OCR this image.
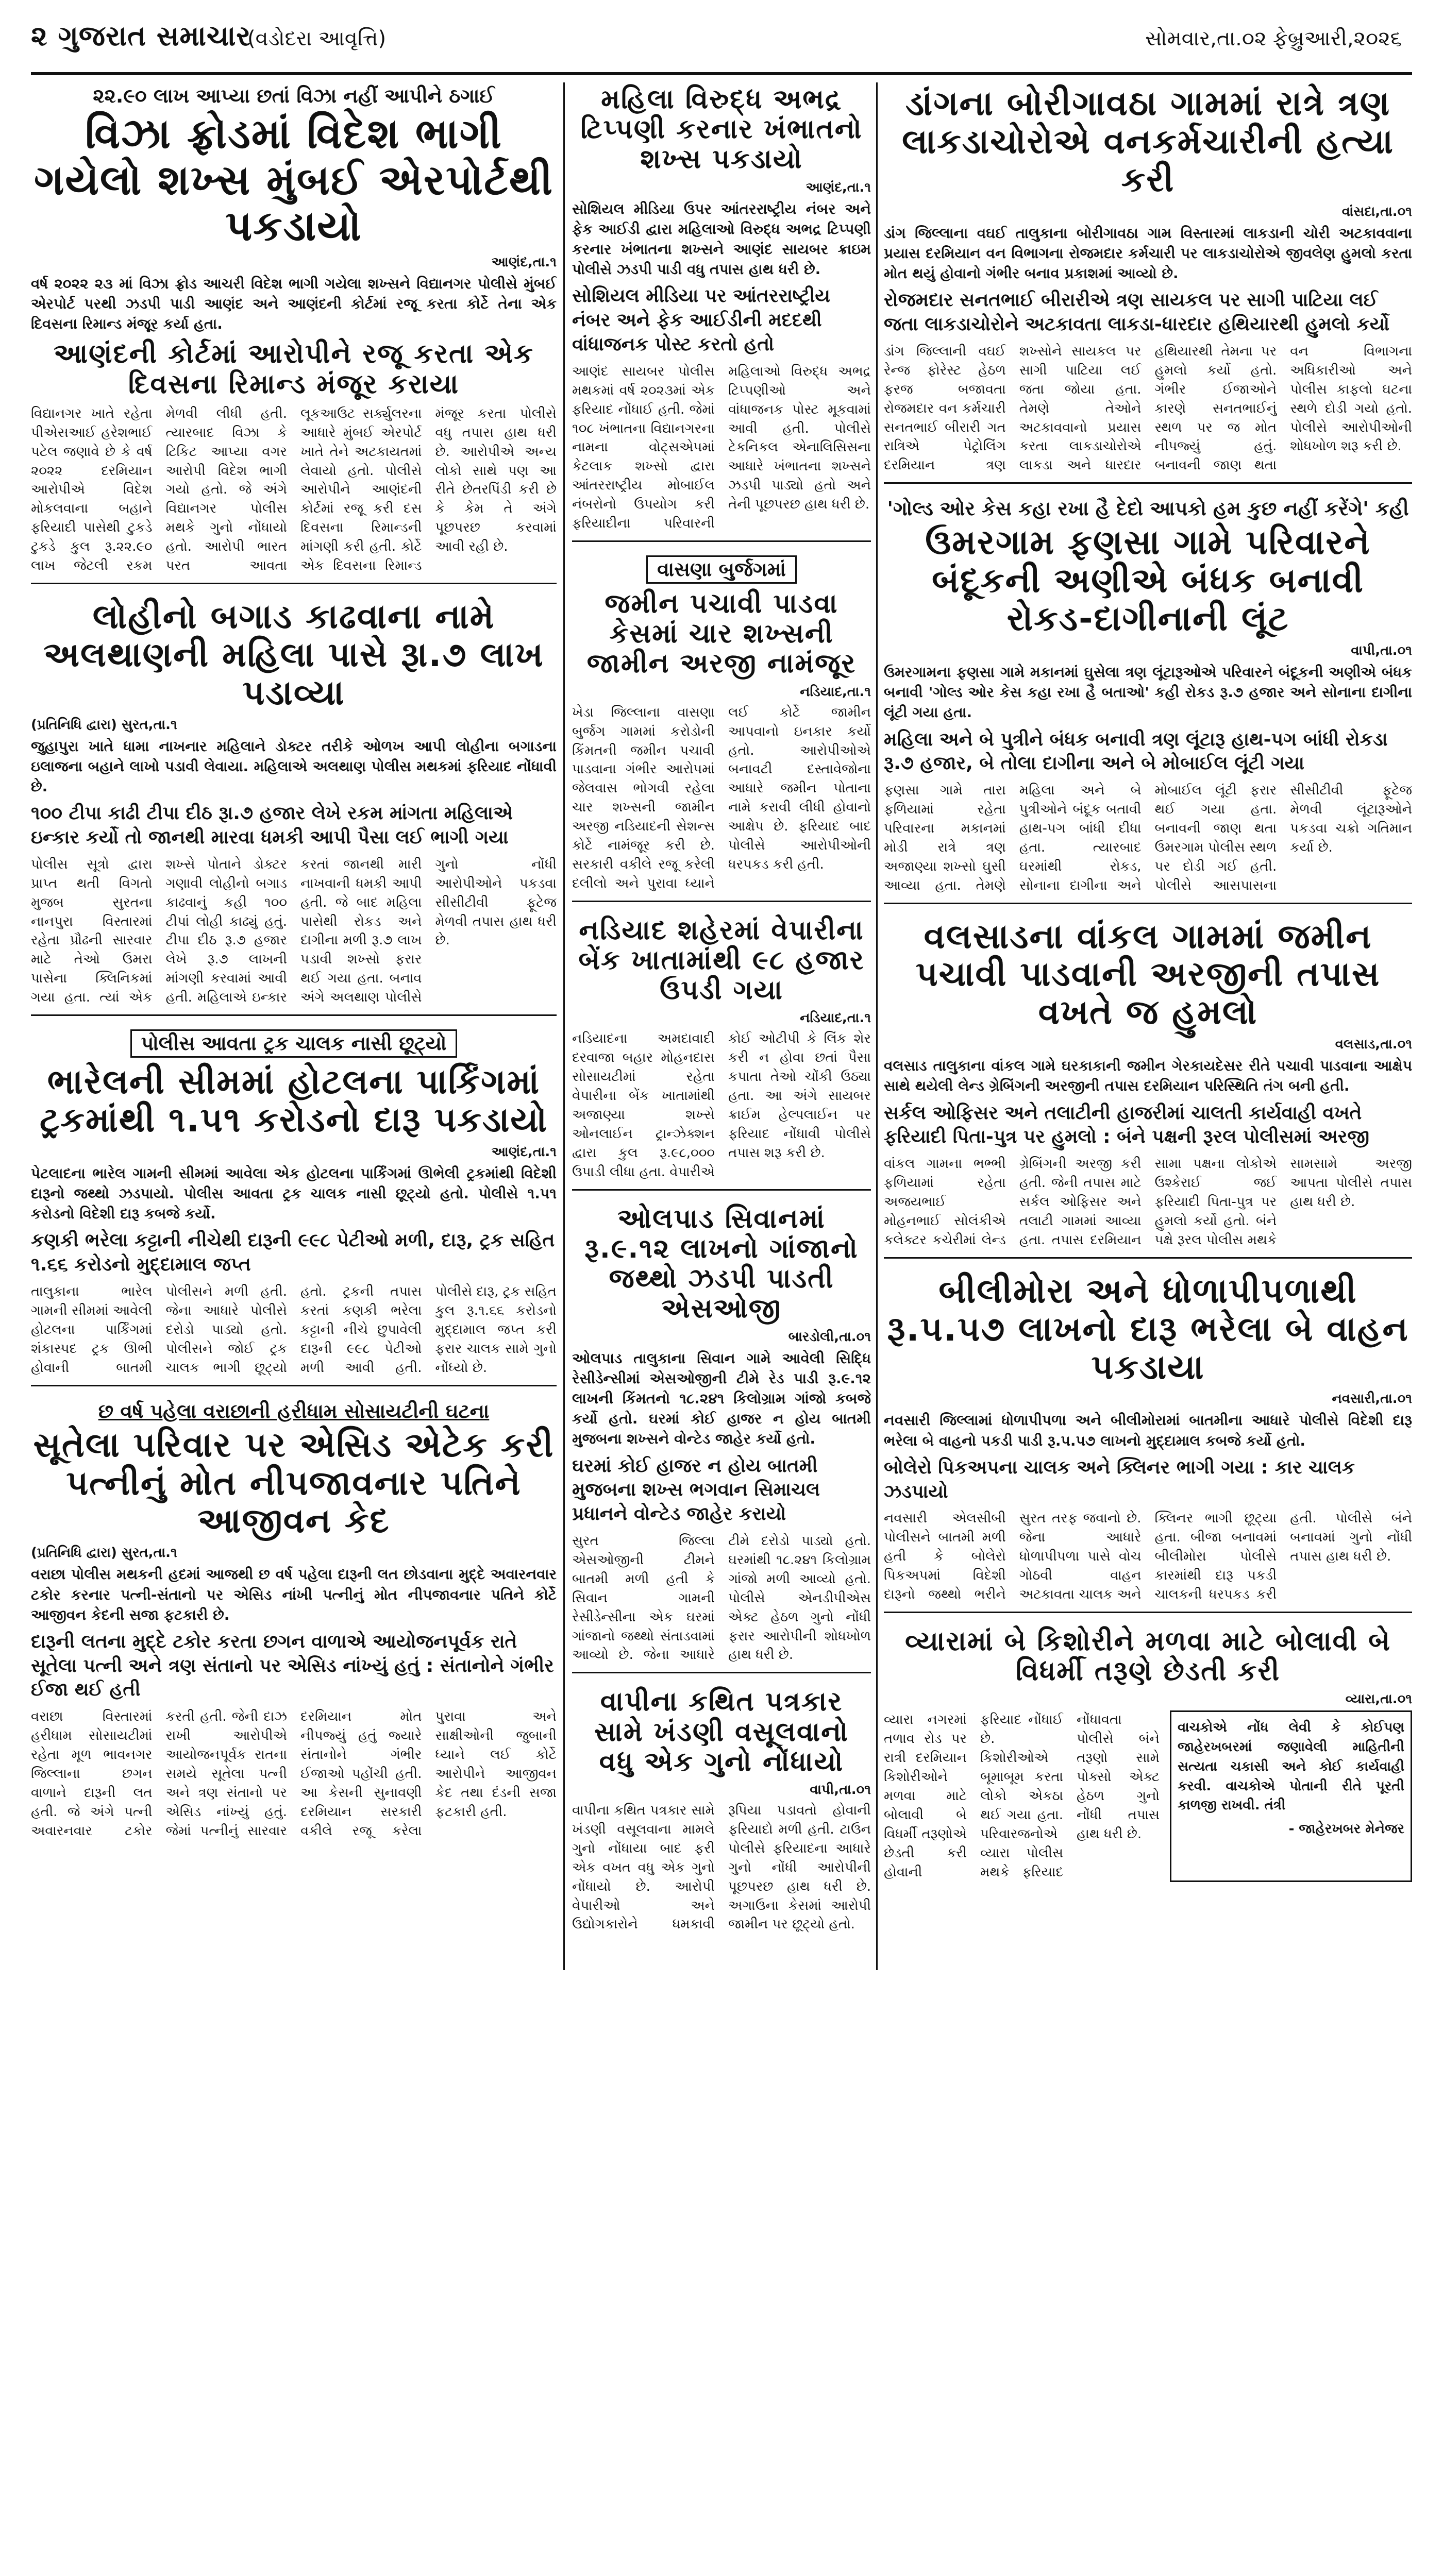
૨ ગુજરાત સમાચાર
(વડોદરા આવૃત્તિ)	સોમવાર,તા.૦૨ ફેબ્રુઆરી,૨૦૨૬
૨૨.૯૦ લાખ આપ્યા છતાં વિઝા નહીં આપીને ઠગાઈ
વિઝા ફ્રોડમાં વિદેશ ભાગી ગયેલો શખ્સ મુંબઈ એરપોર્ટથી પકડાયો
આણંદ,તા.૧
વર્ષ ૨૦૨૨ ૨૩ માં વિઝા ફ્રોડ આચરી વિદેશ ભાગી ગયેલા શખ્સને વિદ્યાનગર પોલીસે મુંબઈ એરપોર્ટ પરથી ઝડપી પાડી આણંદ અને આણંદની કોર્ટમાં રજૂ કરતા કોર્ટે તેના એક દિવસના રિમાન્ડ મંજૂર કર્યા હતા.
આણંદની કોર્ટમાં આરોપીને રજૂ કરતા એક દિવસના રિમાન્ડ મંજૂર કરાયા
વિદ્યાનગર ખાતે રહેતા પીએસઆઈ હરેશભાઈ પટેલ જણાવે છે કે વર્ષ ૨૦૨૨ દરમિયાન આરોપીએ વિદેશ મોકલવાના બહાને ફરિયાદી પાસેથી ટુકડે ટુકડે કુલ રૂ.૨૨.૯૦ લાખ જેટલી રકમ મેળવી લીધી હતી. ત્યારબાદ વિઝા કે ટિકિટ આપ્યા વગર આરોપી વિદેશ ભાગી ગયો હતો. જે અંગે વિદ્યાનગર પોલીસ મથકે ગુનો નોંધાયો હતો. આરોપી ભારત પરત આવતા લૂકઆઉટ સર્ક્યુલરના આધારે મુંબઈ એરપોર્ટ ખાતે તેને અટકાયતમાં લેવાયો હતો. પોલીસે આરોપીને આણંદની કોર્ટમાં રજૂ કરી દસ દિવસના રિમાન્ડની માંગણી કરી હતી. કોર્ટે એક દિવસના રિમાન્ડ મંજૂર કરતા પોલીસે વધુ તપાસ હાથ ધરી છે. આરોપીએ અન્ય લોકો સાથે પણ આ રીતે છેતરપિંડી કરી છે કે કેમ તે અંગે પૂછપરછ કરવામાં આવી રહી છે.
લોહીનો બગાડ કાઢવાના નામે અલથાણની મહિલા પાસે રૂા.૭ લાખ પડાવ્યા
(પ્રતિનિધિ દ્વારા) સુરત,તા.૧
જુહાપુરા ખાતે ધામા નાખનાર મહિલાને ડોક્ટર તરીકે ઓળખ આપી લોહીના બગાડના ઇલાજના બહાને લાખો પડાવી લેવાયા. મહિલાએ અલથાણ પોલીસ મથકમાં ફરિયાદ નોંધાવી છે.
૧૦૦ ટીપા કાઢી ટીપા દીઠ રૂા.૭ હજાર લેખે રકમ માંગતા મહિલાએ ઇન્કાર કર્યો તો જાનથી મારવા ધમકી આપી પૈસા લઈ ભાગી ગયા
પોલીસ સૂત્રો દ્વારા પ્રાપ્ત થતી વિગતો મુજબ સુરતના નાનપુરા વિસ્તારમાં રહેતા પ્રૌઢની સારવાર માટે તેઓ ઉમરા પાસેના ક્લિનિકમાં ગયા હતા. ત્યાં એક શખ્સે પોતાને ડોક્ટર ગણાવી લોહીનો બગાડ કાઢવાનું કહી ૧૦૦ ટીપાં લોહી કાઢ્યું હતું. ટીપા દીઠ રૂ.૭ હજાર લેખે રૂ.૭ લાખની માંગણી કરવામાં આવી હતી. મહિલાએ ઇન્કાર કરતાં જાનથી મારી નાખવાની ધમકી આપી હતી. જે બાદ મહિલા પાસેથી રોકડ અને દાગીના મળી રૂ.૭ લાખ પડાવી શખ્સો ફરાર થઈ ગયા હતા. બનાવ અંગે અલથાણ પોલીસે ગુનો નોંધી આરોપીઓને પકડવા સીસીટીવી ફૂટેજ મેળવી તપાસ હાથ ધરી છે.
પોલીસ આવતા ટ્રક ચાલક નાસી છૂટ્યો
ભારેલની સીમમાં હોટલના પાર્કિંગમાં ટ્રકમાંથી ૧.૫૧ કરોડનો દારૂ પકડાયો
આણંદ,તા.૧
પેટલાદના ભારેલ ગામની સીમમાં આવેલા એક હોટલના પાર્કિંગમાં ઊભેલી ટ્રકમાંથી વિદેશી દારૂનો જથ્થો ઝડપાયો. પોલીસ આવતા ટ્રક ચાલક નાસી છૂટ્યો હતો. પોલીસે ૧.૫૧ કરોડનો વિદેશી દારૂ કબજે કર્યો.
કણકી ભરેલા કટ્ટાની નીચેથી દારૂની ૯૯૮ પેટીઓ મળી, દારૂ, ટ્રક સહિત ૧.૬૬ કરોડનો મુદ્દામાલ જપ્ત
તાલુકાના ભારેલ ગામની સીમમાં આવેલી હોટલના પાર્કિંગમાં શંકાસ્પદ ટ્રક ઊભી હોવાની બાતમી પોલીસને મળી હતી. જેના આધારે પોલીસે દરોડો પાડ્યો હતો. પોલીસને જોઈ ટ્રક ચાલક ભાગી છૂટ્યો હતો. ટ્રકની તપાસ કરતાં કણકી ભરેલા કટ્ટાની નીચે છુપાવેલી દારૂની ૯૯૮ પેટીઓ મળી આવી હતી. પોલીસે દારૂ, ટ્રક સહિત કુલ રૂ.૧.૬૬ કરોડનો મુદ્દામાલ જપ્ત કરી ફરાર ચાલક સામે ગુનો નોંધ્યો છે.
છ વર્ષ પહેલા વરાછાની હરીધામ સોસાયટીની ઘટના
સૂતેલા પરિવાર પર એસિડ એટેક કરી પત્નીનું મોત નીપજાવનાર પતિને આજીવન કેદ
(પ્રતિનિધિ દ્વારા) સુરત,તા.૧
વરાછા પોલીસ મથકની હદમાં આજથી છ વર્ષ પહેલા દારૂની લત છોડવાના મુદ્દે અવારનવાર ટકોર કરનાર પત્ની-સંતાનો પર એસિડ નાંખી પત્નીનું મોત નીપજાવનાર પતિને કોર્ટે આજીવન કેદની સજા ફટકારી છે.
દારૂની લતના મુદ્દે ટકોર કરતા છગન વાળાએ આયોજનપૂર્વક રાતે સૂતેલા પત્ની અને ત્રણ સંતાનો પર એસિડ નાંખ્યું હતું : સંતાનોને ગંભીર ઈજા થઈ હતી
વરાછા વિસ્તારમાં હરીધામ સોસાયટીમાં રહેતા મૂળ ભાવનગર જિલ્લાના છગન વાળાને દારૂની લત હતી. જે અંગે પત્ની અવારનવાર ટકોર કરતી હતી. જેની દાઝ રાખી આરોપીએ આયોજનપૂર્વક રાતના સમયે સૂતેલા પત્ની અને ત્રણ સંતાનો પર એસિડ નાંખ્યું હતું. જેમાં પત્નીનું સારવાર દરમિયાન મોત નીપજ્યું હતું જ્યારે સંતાનોને ગંભીર ઈજાઓ પહોંચી હતી. આ કેસની સુનાવણી દરમિયાન સરકારી વકીલે રજૂ કરેલા પુરાવા અને સાક્ષીઓની જુબાની ધ્યાને લઈ કોર્ટે આરોપીને આજીવન કેદ તથા દંડની સજા ફટકારી હતી.
મહિલા વિરુદ્ધ અભદ્ર ટિપ્પણી કરનાર ખંભાતનો શખ્સ પકડાયો
આણંદ,તા.૧
સોશિયલ મીડિયા ઉપર આંતરરાષ્ટ્રીય નંબર અને ફેક આઈડી દ્વારા મહિલાઓ વિરુદ્ધ અભદ્ર ટિપ્પણી કરનાર ખંભાતના શખ્સને આણંદ સાયબર ક્રાઇમ પોલીસે ઝડપી પાડી વધુ તપાસ હાથ ધરી છે.
સોશિયલ મીડિયા પર આંતરરાષ્ટ્રીય નંબર અને ફેક આઈડીની મદદથી વાંધાજનક પોસ્ટ કરતો હતો
આણંદ સાયબર પોલીસ મથકમાં વર્ષ ૨૦૨૩માં એક ફરિયાદ નોંધાઈ હતી. જેમાં ૧૦૮ ખંભાતના વિદ્યાનગરના નામના વોટ્સએપમાં કેટલાક શખ્સો દ્વારા આંતરરાષ્ટ્રીય મોબાઈલ નંબરોનો ઉપયોગ કરી ફરિયાદીના પરિવારની મહિલાઓ વિરુદ્ધ અભદ્ર ટિપ્પણીઓ અને વાંધાજનક પોસ્ટ મૂકવામાં આવી હતી. પોલીસે ટેકનિકલ એનાલિસિસના આધારે ખંભાતના શખ્સને ઝડપી પાડ્યો હતો અને તેની પૂછપરછ હાથ ધરી છે.
વાસણા બુર્જગમાં
જમીન પચાવી પાડવા કેસમાં ચાર શખ્સની જામીન અરજી નામંજૂર
નડિયાદ,તા.૧
ખેડા જિલ્લાના વાસણા બુર્જગ ગામમાં કરોડોની કિંમતની જમીન પચાવી પાડવાના ગંભીર આરોપમાં જેલવાસ ભોગવી રહેલા ચાર શખ્સની જામીન અરજી નડિયાદની સેશન્સ કોર્ટે નામંજૂર કરી છે. સરકારી વકીલે રજૂ કરેલી દલીલો અને પુરાવા ધ્યાને લઈ કોર્ટે જામીન આપવાનો ઇનકાર કર્યો હતો. આરોપીઓએ બનાવટી દસ્તાવેજોના આધારે જમીન પોતાના નામે કરાવી લીધી હોવાનો આક્ષેપ છે. ફરિયાદ બાદ પોલીસે આરોપીઓની ધરપકડ કરી હતી.
નડિયાદ શહેરમાં વેપારીના બેંક ખાતામાંથી ૯૮ હજાર ઉપડી ગયા
નડિયાદ,તા.૧
નડિયાદના અમદાવાદી દરવાજા બહાર મોહનદાસ સોસાયટીમાં રહેતા વેપારીના બેંક ખાતામાંથી અજાણ્યા શખ્સે ઓનલાઈન ટ્રાન્ઝેક્શન દ્વારા કુલ રૂ.૯૮,૦૦૦ ઉપાડી લીધા હતા. વેપારીએ કોઈ ઓટીપી કે લિંક શેર કરી ન હોવા છતાં પૈસા કપાતા તેઓ ચોંકી ઉઠ્યા હતા. આ અંગે સાયબર ક્રાઈમ હેલ્પલાઈન પર ફરિયાદ નોંધાવી પોલીસે તપાસ શરૂ કરી છે.
ઓલપાડ સિવાનમાં રૂ.૯.૧૨ લાખનો ગાંજાનો જથ્થો ઝડપી પાડતી એસઓજી
બારડોલી,તા.૦૧
ઓલપાડ તાલુકાના સિવાન ગામે આવેલી સિદ્ધિ રેસીડેન્સીમાં એસઓજીની ટીમે રેડ પાડી રૂ.૯.૧૨ લાખની કિંમતનો ૧૮.૨૪૧ કિલોગ્રામ ગાંજો કબજે કર્યો હતો. ઘરમાં કોઈ હાજર ન હોય બાતમી મુજબના શખ્સને વોન્ટેડ જાહેર કર્યો હતો.
ઘરમાં કોઈ હાજર ન હોય બાતમી મુજબના શખ્સ ભગવાન સિમાચલ પ્રધાનને વોન્ટેડ જાહેર કરાયો
સુરત જિલ્લા એસઓજીની ટીમને બાતમી મળી હતી કે સિવાન ગામની રેસીડેન્સીના એક ઘરમાં ગાંજાનો જથ્થો સંતાડવામાં આવ્યો છે. જેના આધારે ટીમે દરોડો પાડ્યો હતો. ઘરમાંથી ૧૮.૨૪૧ કિલોગ્રામ ગાંજો મળી આવ્યો હતો. પોલીસે એનડીપીએસ એક્ટ હેઠળ ગુનો નોંધી ફરાર આરોપીની શોધખોળ હાથ ધરી છે.
વાપીના કથિત પત્રકાર સામે ખંડણી વસૂલવાનો વધુ એક ગુનો નોંધાયો
વાપી,તા.૦૧
વાપીના કથિત પત્રકાર સામે ખંડણી વસૂલવાના મામલે ગુનો નોંધાયા બાદ ફરી એક વખત વધુ એક ગુનો નોંધાયો છે. આરોપી વેપારીઓ અને ઉદ્યોગકારોને ધમકાવી રૂપિયા પડાવતો હોવાની ફરિયાદો મળી હતી. ટાઉન પોલીસે ફરિયાદના આધારે ગુનો નોંધી આરોપીની પૂછપરછ હાથ ધરી છે. અગાઉના કેસમાં આરોપી જામીન પર છૂટ્યો હતો.
ડાંગના બોરીગાવઠા ગામમાં રાત્રે ત્રણ લાકડાચોરોએ વનકર્મચારીની હત્યા કરી
વાંસદા,તા.૦૧
ડાંગ જિલ્લાના વઘઈ તાલુકાના બોરીગાવઠા ગામ વિસ્તારમાં લાકડાની ચોરી અટકાવવાના પ્રયાસ દરમિયાન વન વિભાગના રોજમદાર કર્મચારી પર લાકડાચોરોએ જીવલેણ હુમલો કરતા મોત થયું હોવાનો ગંભીર બનાવ પ્રકાશમાં આવ્યો છે.
રોજમદાર સનતભાઈ બીરારીએ ત્રણ સાયકલ પર સાગી પાટિયા લઈ જતા લાકડાચોરોને અટકાવતા લાકડા-ધારદાર હથિયારથી હુમલો કર્યો
ડાંગ જિલ્લાની વઘઈ રેન્જ ફોરેસ્ટ હેઠળ ફરજ બજાવતા રોજમદાર વન કર્મચારી સનતભાઈ બીરારી ગત રાત્રિએ પેટ્રોલિંગ દરમિયાન ત્રણ શખ્સોને સાયકલ પર સાગી પાટિયા લઈ જતા જોયા હતા. તેમણે તેઓને અટકાવવાનો પ્રયાસ કરતા લાકડાચોરોએ લાકડા અને ધારદાર હથિયારથી તેમના પર હુમલો કર્યો હતો. ગંભીર ઈજાઓને કારણે સનતભાઈનું સ્થળ પર જ મોત નીપજ્યું હતું. બનાવની જાણ થતા વન વિભાગના અધિકારીઓ અને પોલીસ કાફલો ઘટના સ્થળે દોડી ગયો હતો. પોલીસે આરોપીઓની શોધખોળ શરૂ કરી છે.
'ગોલ્ડ ઓર કેસ કહા રખા હૈ દેદો આપકો હમ કુછ નહીં કરેંગે' કહી
ઉમરગામ ફણસા ગામે પરિવારને બંદૂકની અણીએ બંધક બનાવી રોકડ-દાગીનાની લૂંટ
વાપી,તા.૦૧
ઉમરગામના ફણસા ગામે મકાનમાં ઘુસેલા ત્રણ લૂંટારૂઓએ પરિવારને બંદૂકની અણીએ બંધક બનાવી 'ગોલ્ડ ઓર કેસ કહા રખા હૈ બતાઓ' કહી રોકડ રૂ.૭ હજાર અને સોનાના દાગીના લૂંટી ગયા હતા.
મહિલા અને બે પુત્રીને બંધક બનાવી ત્રણ લૂંટારૂ હાથ-પગ બાંધી રોકડા રૂ.૭ હજાર, બે તોલા દાગીના અને બે મોબાઈલ લૂંટી ગયા
ફણસા ગામે તારા ફળિયામાં રહેતા પરિવારના મકાનમાં મોડી રાત્રે ત્રણ અજાણ્યા શખ્સો ઘુસી આવ્યા હતા. તેમણે મહિલા અને બે પુત્રીઓને બંદૂક બતાવી હાથ-પગ બાંધી દીધા હતા. ત્યારબાદ ઘરમાંથી રોકડ, સોનાના દાગીના અને મોબાઈલ લૂંટી ફરાર થઈ ગયા હતા. બનાવની જાણ થતા ઉમરગામ પોલીસ સ્થળ પર દોડી ગઈ હતી. પોલીસે આસપાસના સીસીટીવી ફૂટેજ મેળવી લૂંટારૂઓને પકડવા ચક્રો ગતિમાન કર્યા છે.
વલસાડના વાંકલ ગામમાં જમીન પચાવી પાડવાની અરજીની તપાસ વખતે જ હુમલો
વલસાડ,તા.૦૧
વલસાડ તાલુકાના વાંકલ ગામે ઘરકાકાની જમીન ગેરકાયદેસર રીતે પચાવી પાડવાના આક્ષેપ સાથે થયેલી લેન્ડ ગ્રેબિંગની અરજીની તપાસ દરમિયાન પરિસ્થિતિ તંગ બની હતી.
સર્કલ ઓફિસર અને તલાટીની હાજરીમાં ચાલતી કાર્યવાહી વખતે ફરિયાદી પિતા-પુત્ર પર હુમલો : બંને પક્ષની રૂરલ પોલીસમાં અરજી
વાંકલ ગામના ભભ્ભી ફળિયામાં રહેતા અજયભાઈ મોહનભાઈ સોલંકીએ કલેક્ટર કચેરીમાં લેન્ડ ગ્રેબિંગની અરજી કરી હતી. જેની તપાસ માટે સર્કલ ઓફિસર અને તલાટી ગામમાં આવ્યા હતા. તપાસ દરમિયાન સામા પક્ષના લોકોએ ઉશ્કેરાઈ જઈ ફરિયાદી પિતા-પુત્ર પર હુમલો કર્યો હતો. બંને પક્ષે રૂરલ પોલીસ મથકે સામસામે અરજી આપતા પોલીસે તપાસ હાથ ધરી છે.
બીલીમોરા અને ધોળાપીપળાથી રૂ.૫.૫૭ લાખનો દારૂ ભરેલા બે વાહન પકડાયા
નવસારી,તા.૦૧
નવસારી જિલ્લામાં ધોળાપીપળા અને બીલીમોરામાં બાતમીના આધારે પોલીસે વિદેશી દારૂ ભરેલા બે વાહનો પકડી પાડી રૂ.૫.૫૭ લાખનો મુદ્દામાલ કબજે કર્યો હતો.
બોલેરો પિકઅપના ચાલક અને ક્લિનર ભાગી ગયા : કાર ચાલક ઝડપાયો
નવસારી એલસીબી પોલીસને બાતમી મળી હતી કે બોલેરો પિકઅપમાં વિદેશી દારૂનો જથ્થો ભરીને સુરત તરફ જવાનો છે. જેના આધારે ધોળાપીપળા પાસે વોચ ગોઠવી વાહન અટકાવતા ચાલક અને ક્લિનર ભાગી છૂટ્યા હતા. બીજા બનાવમાં બીલીમોરા પોલીસે કારમાંથી દારૂ પકડી ચાલકની ધરપકડ કરી હતી. પોલીસે બંને બનાવમાં ગુનો નોંધી તપાસ હાથ ધરી છે.
વ્યારામાં બે કિશોરીને મળવા માટે બોલાવી બે વિધર્મી તરૂણે છેડતી કરી
વ્યારા,તા.૦૧
વ્યારા નગરમાં તળાવ રોડ પર રાત્રી દરમિયાન કિશોરીઓને મળવા માટે બોલાવી બે વિધર્મી તરૂણોએ છેડતી કરી હોવાની ફરિયાદ નોંધાઈ છે. કિશોરીઓએ બૂમાબૂમ કરતા લોકો એકઠા થઈ ગયા હતા. પરિવારજનોએ વ્યારા પોલીસ મથકે ફરિયાદ નોંધાવતા પોલીસે બંને તરૂણો સામે પોક્સો એક્ટ હેઠળ ગુનો નોંધી તપાસ હાથ ધરી છે.
વાચકોએ નોંધ લેવી કે કોઈપણ જાહેરખબરમાં જણાવેલી માહિતીની સત્યતા ચકાસી અને કોઈ કાર્યવાહી કરવી. વાચકોએ પોતાની રીતે પૂરતી કાળજી રાખવી. તંત્રી
- જાહેરખબર મેનેજર
